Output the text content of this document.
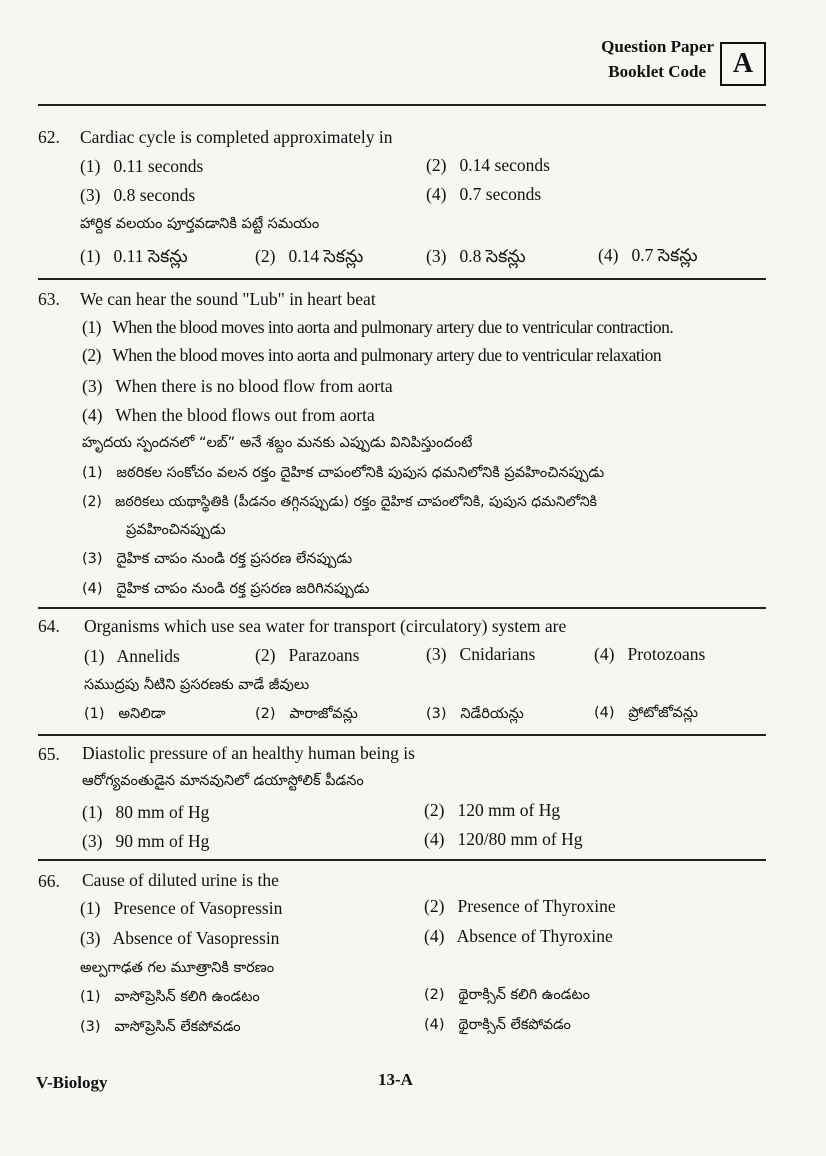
Question Paper
Booklet Code A
62. Cardiac cycle is completed approximately in
(1)   0.11 seconds	(2)   0.14 seconds
(3)   0.8 seconds	(4)   0.7 seconds
హార్దిక వలయం పూర్తవడానికి పట్టే సమయం
(1)   0.11 సెకన్లు	(2)   0.14 సెకన్లు	(3)   0.8 సెకన్లు	(4)   0.7 సెకన్లు
63. We can hear the sound "Lub" in heart beat
(1)   When the blood moves into aorta and pulmonary artery due to ventricular contraction.
(2)   When the blood moves into aorta and pulmonary artery due to ventricular relaxation
(3)   When there is no blood flow from aorta
(4)   When the blood flows out from aorta
హృదయ స్పందనలో “లబ్” అనే శబ్దం మనకు ఎప్పుడు వినిపిస్తుందంటే
(1)   జఠరికల సంకోచం వలన రక్తం దైహిక చాపంలోనికి పుపుస ధమనిలోనికి ప్రవహించినప్పుడు
(2)   జఠరికలు యథాస్థితికి (పీడనం తగ్గినప్పుడు) రక్తం దైహిక చాపంలోనికి, పుపుస ధమనిలోనికి
ప్రవహించినప్పుడు
(3)   దైహిక చాపం నుండి రక్త ప్రసరణ లేనప్పుడు
(4)   దైహిక చాపం నుండి రక్త ప్రసరణ జరిగినప్పుడు
64. Organisms which use sea water for transport (circulatory) system are
(1)   Annelids	(2)   Parazoans	(3)   Cnidarians	(4)   Protozoans
సముద్రపు నీటిని ప్రసరణకు వాడే జీవులు
(1)   అనిలిడా	(2)   పారాజోవన్లు	(3)   నిడేరియన్లు	(4)   ప్రోటోజోవన్లు
65. Diastolic pressure of an healthy human being is
ఆరోగ్యవంతుడైన మానవునిలో డయాస్టోలిక్ పీడనం
(1)   80 mm of Hg	(2)   120 mm of Hg
(3)   90 mm of Hg	(4)   120/80 mm of Hg
66. Cause of diluted urine is the
(1)   Presence of Vasopressin	(2)   Presence of Thyroxine
(3)   Absence of Vasopressin	(4)   Absence of Thyroxine
అల్పగాఢత గల మూత్రానికి కారణం
(1)   వాసోప్రెసిన్ కలిగి ఉండటం	(2)   థైరాక్సిన్ కలిగి ఉండటం
(3)   వాసోప్రెసిన్ లేకపోవడం	(4)   థైరాక్సిన్ లేకపోవడం
V-Biology	13-A
